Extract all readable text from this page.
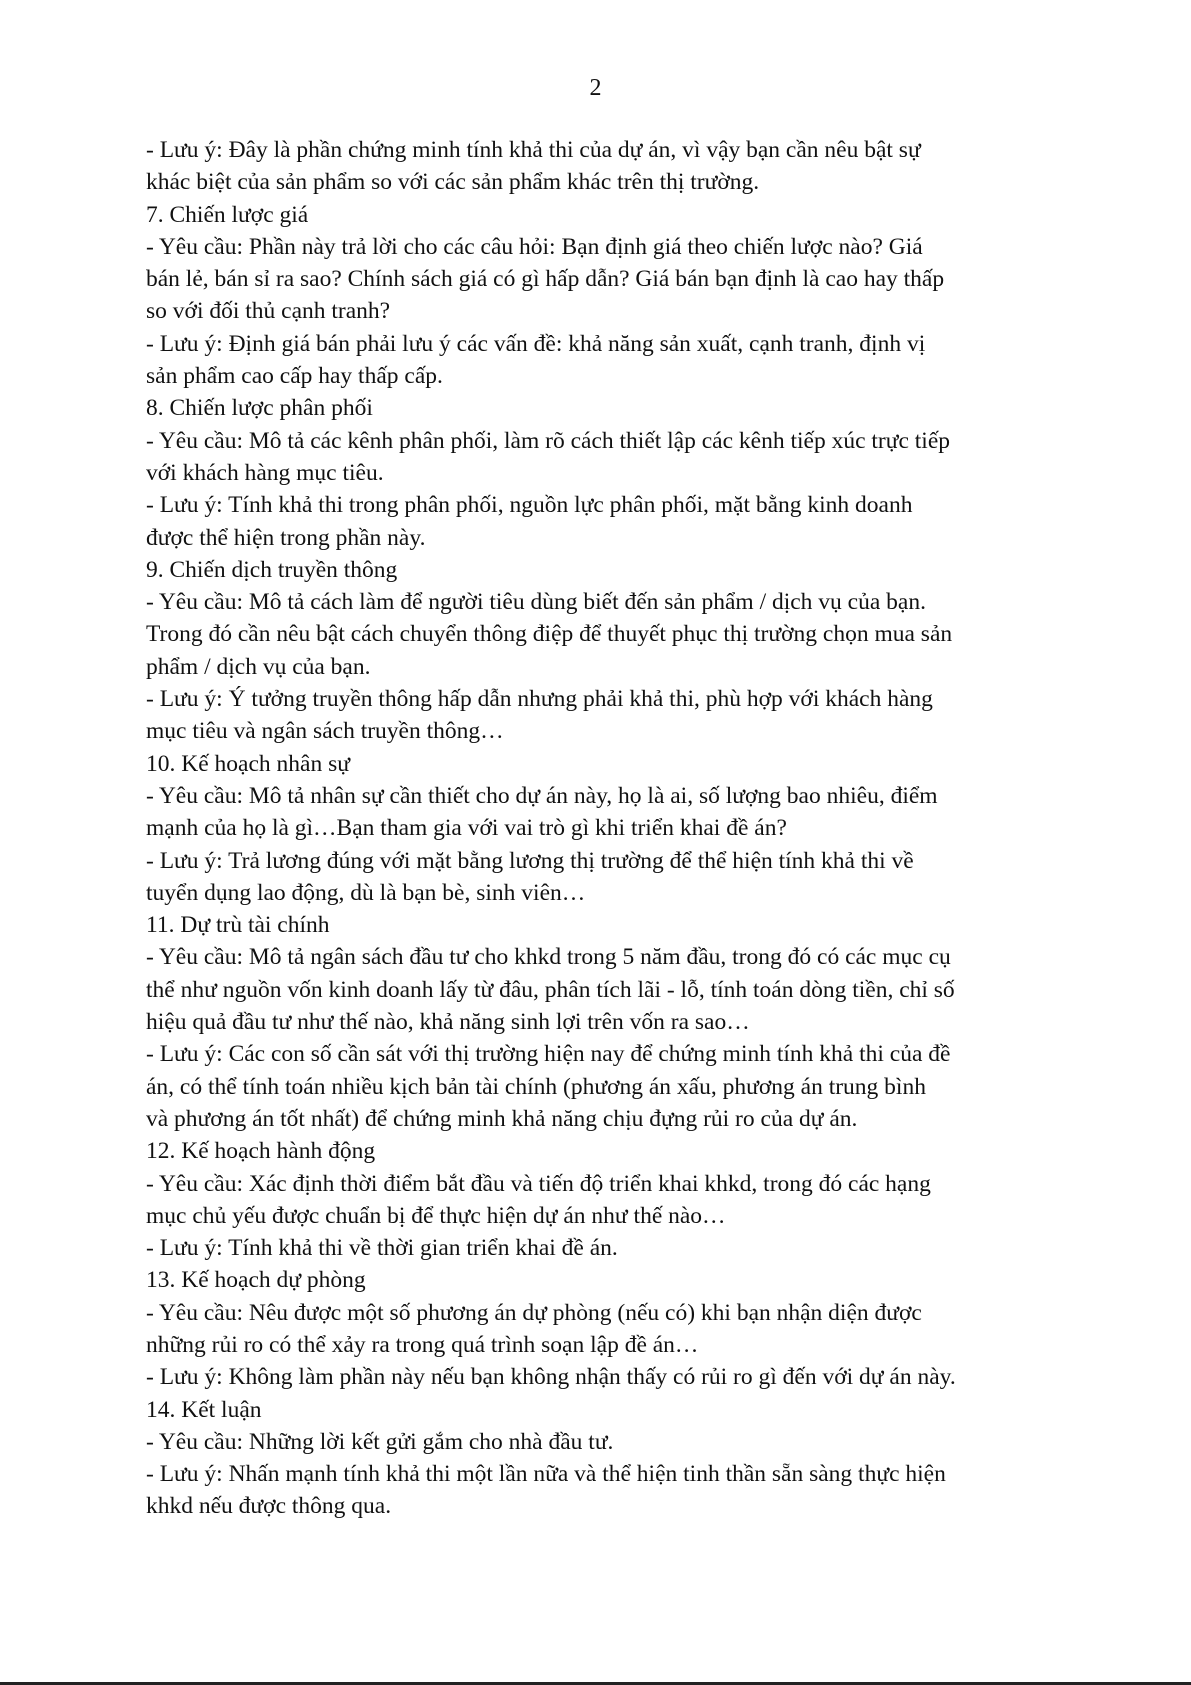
2

- Lưu ý: Đây là phần chứng minh tính khả thi của dự án, vì vậy bạn cần nêu bật sự

khác biệt của sản phẩm so với các sản phẩm khác trên thị trường.

7. Chiến lược giá

- Yêu cầu: Phần này trả lời cho các câu hỏi: Bạn định giá theo chiến lược nào? Giá

bán lẻ, bán sỉ ra sao? Chính sách giá có gì hấp dẫn? Giá bán bạn định là cao hay thấp

so với đối thủ cạnh tranh?

- Lưu ý: Định giá bán phải lưu ý các vấn đề: khả năng sản xuất, cạnh tranh, định vị

sản phẩm cao cấp hay thấp cấp.

8. Chiến lược phân phối

- Yêu cầu: Mô tả các kênh phân phối, làm rõ cách thiết lập các kênh tiếp xúc trực tiếp

với khách hàng mục tiêu.

- Lưu ý: Tính khả thi trong phân phối, nguồn lực phân phối, mặt bằng kinh doanh

được thể hiện trong phần này.

9. Chiến dịch truyền thông

- Yêu cầu: Mô tả cách làm để người tiêu dùng biết đến sản phẩm / dịch vụ của bạn.

Trong đó cần nêu bật cách chuyển thông điệp để thuyết phục thị trường chọn mua sản

phẩm / dịch vụ của bạn.

- Lưu ý: Ý tưởng truyền thông hấp dẫn nhưng phải khả thi, phù hợp với khách hàng

mục tiêu và ngân sách truyền thông…

10. Kế hoạch nhân sự

- Yêu cầu: Mô tả nhân sự cần thiết cho dự án này, họ là ai, số lượng bao nhiêu, điểm

mạnh của họ là gì…Bạn tham gia với vai trò gì khi triển khai đề án?

- Lưu ý: Trả lương đúng với mặt bằng lương thị trường để thể hiện tính khả thi về

tuyển dụng lao động, dù là bạn bè, sinh viên…

11. Dự trù tài chính

- Yêu cầu: Mô tả ngân sách đầu tư cho khkd trong 5 năm đầu, trong đó có các mục cụ

thể như nguồn vốn kinh doanh lấy từ đâu, phân tích lãi - lỗ, tính toán dòng tiền, chỉ số

hiệu quả đầu tư như thế nào, khả năng sinh lợi trên vốn ra sao…

- Lưu ý: Các con số cần sát với thị trường hiện nay để chứng minh tính khả thi của đề

án, có thể tính toán nhiều kịch bản tài chính (phương án xấu, phương án trung bình

và phương án tốt nhất) để chứng minh khả năng chịu đựng rủi ro của dự án.

12. Kế hoạch hành động

- Yêu cầu: Xác định thời điểm bắt đầu và tiến độ triển khai khkd, trong đó các hạng

mục chủ yếu được chuẩn bị để thực hiện dự án như thế nào…

- Lưu ý: Tính khả thi về thời gian triển khai đề án.

13. Kế hoạch dự phòng

- Yêu cầu: Nêu được một số phương án dự phòng (nếu có) khi bạn nhận diện được

những rủi ro có thể xảy ra trong quá trình soạn lập đề án…

- Lưu ý: Không làm phần này nếu bạn không nhận thấy có rủi ro gì đến với dự án này.

14. Kết luận

- Yêu cầu: Những lời kết gửi gắm cho nhà đầu tư.

- Lưu ý: Nhấn mạnh tính khả thi một lần nữa và thể hiện tinh thần sẵn sàng thực hiện

khkd nếu được thông qua.
